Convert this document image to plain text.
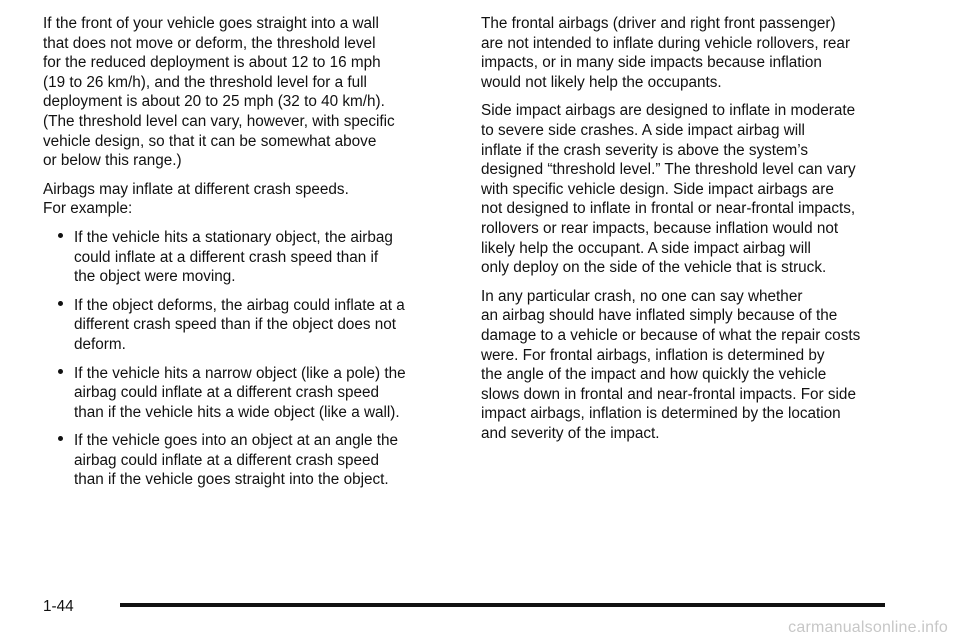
If the front of your vehicle goes straight into a wall
that does not move or deform, the threshold level
for the reduced deployment is about 12 to 16 mph
(19 to 26 km/h), and the threshold level for a full
deployment is about 20 to 25 mph (32 to 40 km/h).
(The threshold level can vary, however, with specific
vehicle design, so that it can be somewhat above
or below this range.)
Airbags may inflate at different crash speeds.
For example:
If the vehicle hits a stationary object, the airbag
could inflate at a different crash speed than if
the object were moving.
If the object deforms, the airbag could inflate at a
different crash speed than if the object does not
deform.
If the vehicle hits a narrow object (like a pole) the
airbag could inflate at a different crash speed
than if the vehicle hits a wide object (like a wall).
If the vehicle goes into an object at an angle the
airbag could inflate at a different crash speed
than if the vehicle goes straight into the object.
The frontal airbags (driver and right front passenger)
are not intended to inflate during vehicle rollovers, rear
impacts, or in many side impacts because inflation
would not likely help the occupants.
Side impact airbags are designed to inflate in moderate
to severe side crashes. A side impact airbag will
inflate if the crash severity is above the system’s
designed “threshold level.” The threshold level can vary
with specific vehicle design. Side impact airbags are
not designed to inflate in frontal or near-frontal impacts,
rollovers or rear impacts, because inflation would not
likely help the occupant. A side impact airbag will
only deploy on the side of the vehicle that is struck.
In any particular crash, no one can say whether
an airbag should have inflated simply because of the
damage to a vehicle or because of what the repair costs
were. For frontal airbags, inflation is determined by
the angle of the impact and how quickly the vehicle
slows down in frontal and near-frontal impacts. For side
impact airbags, inflation is determined by the location
and severity of the impact.
1-44
carmanualsonline.info
